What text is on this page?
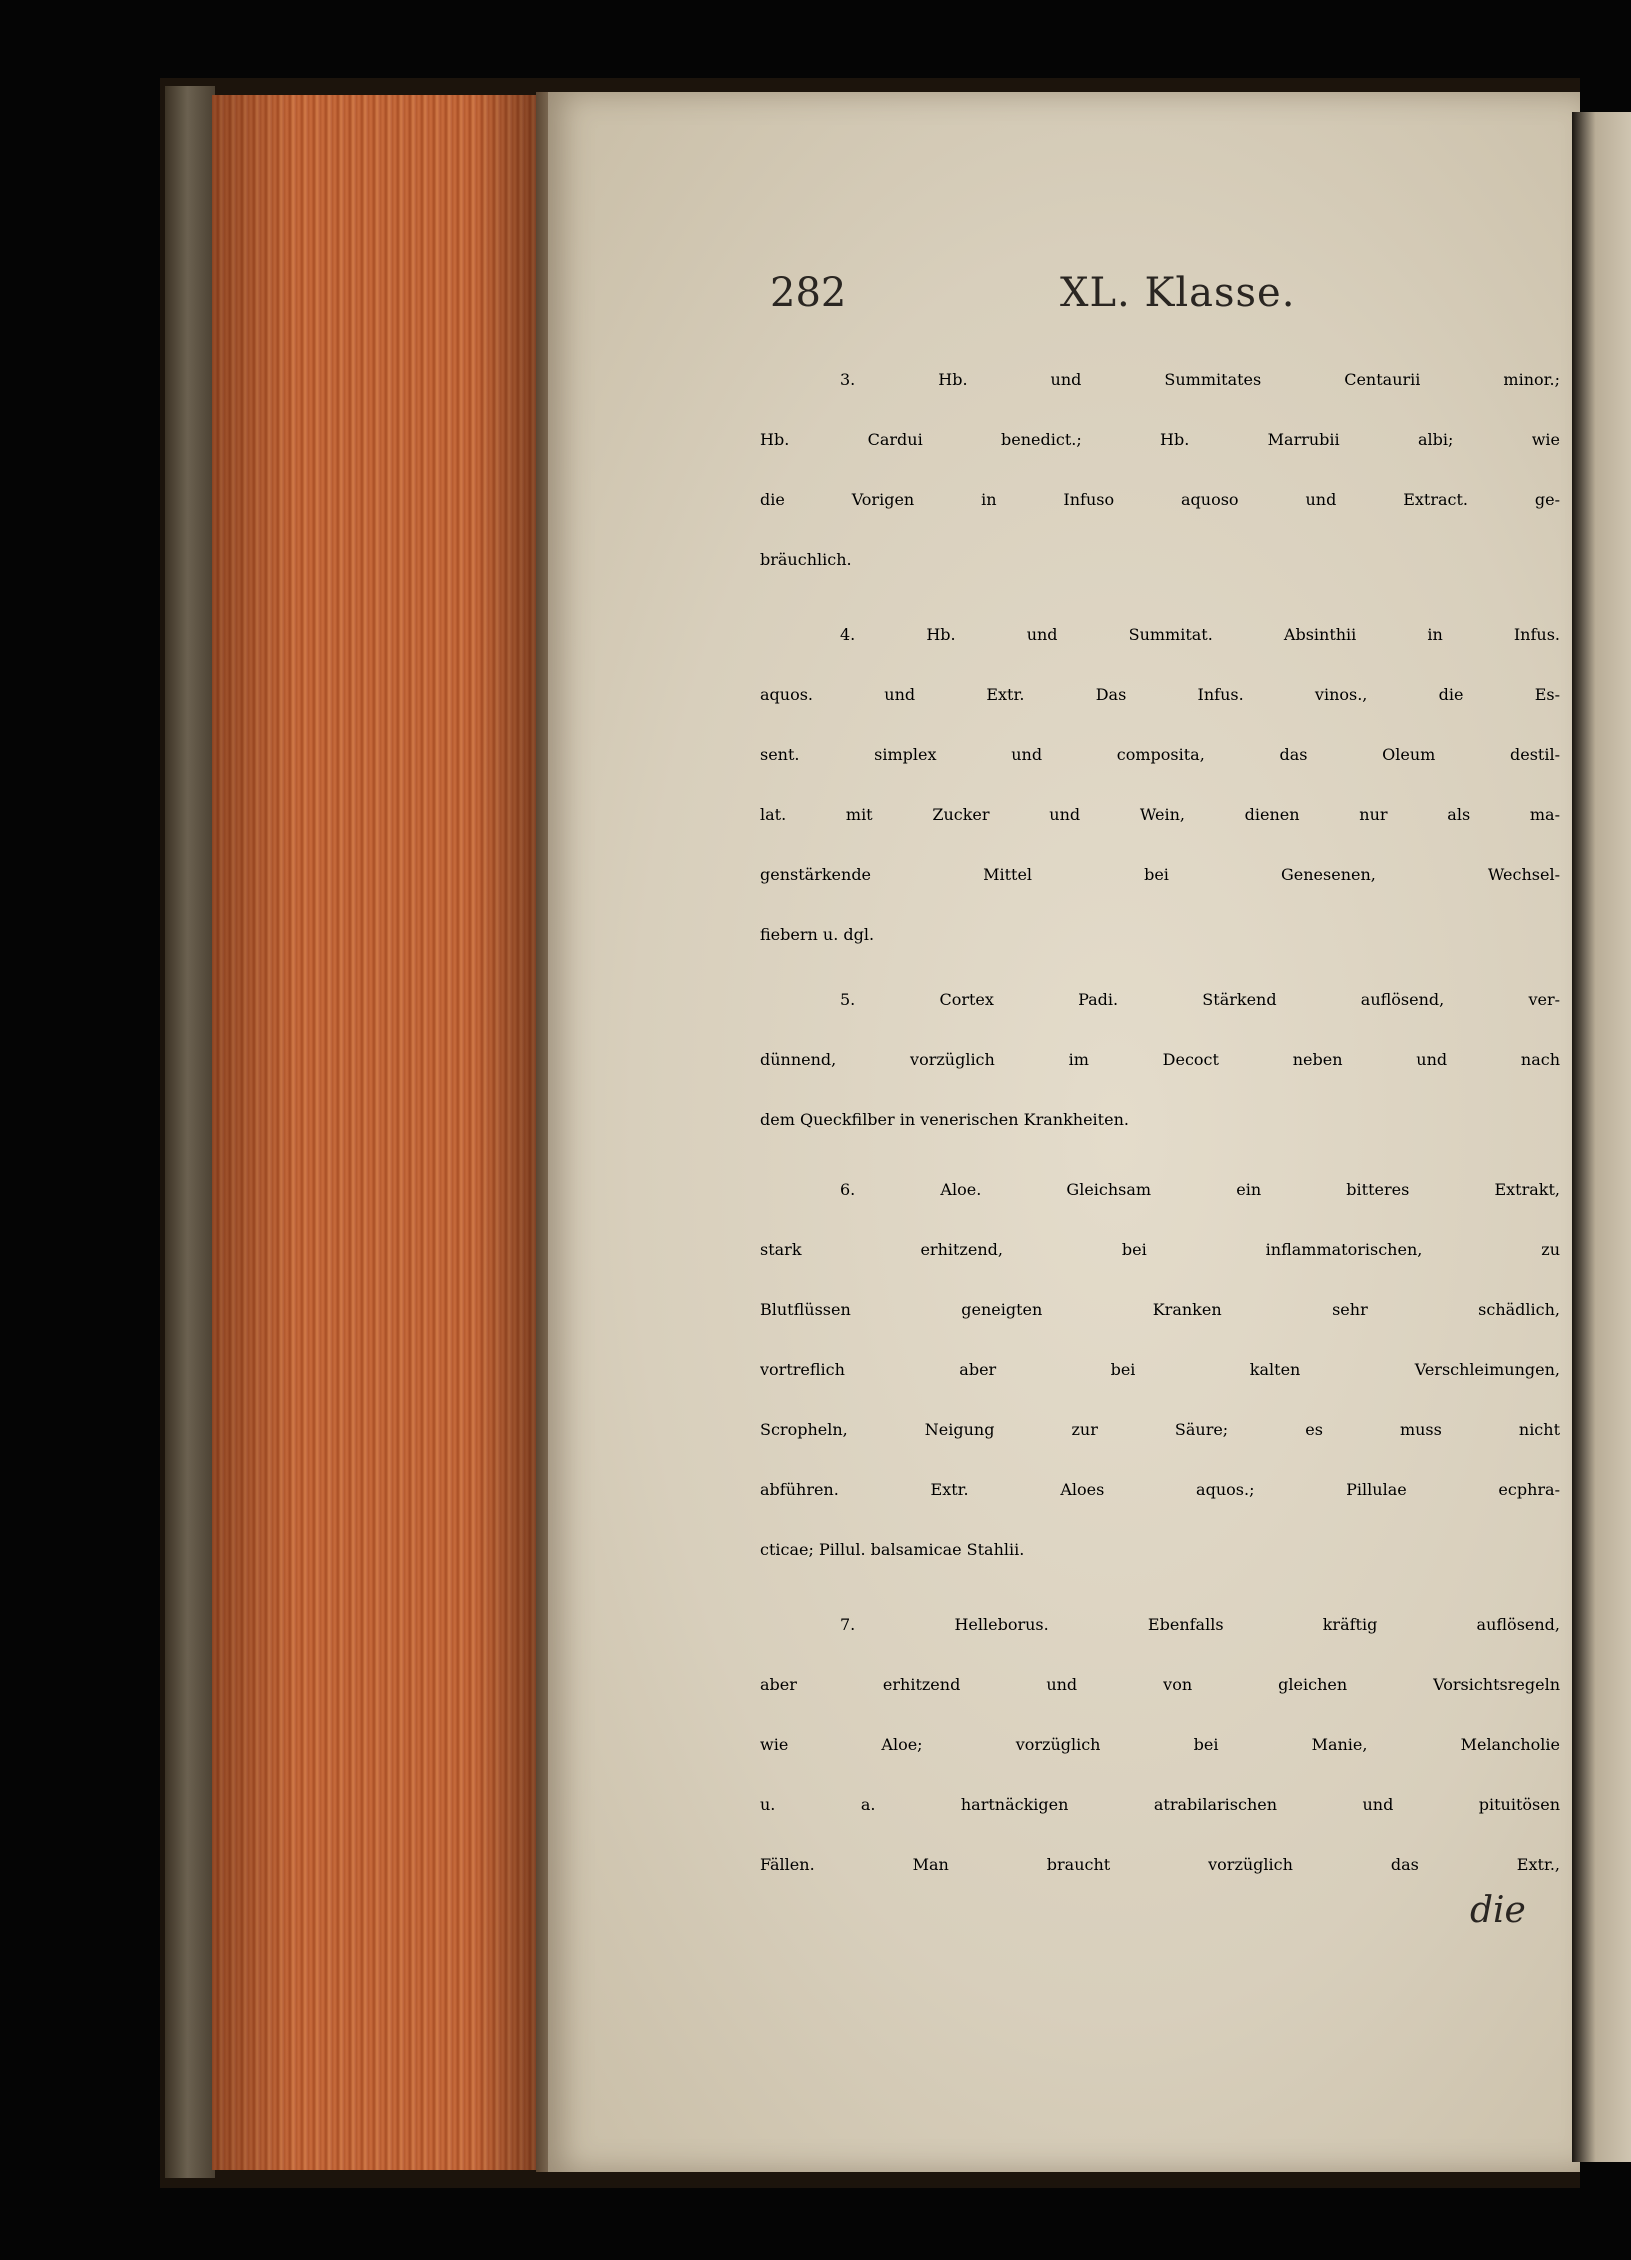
282	XL. Klasse.
3. Hb. und Summitates Centaurii minor.;
Hb. Cardui benedict.; Hb. Marrubii albi; wie
die Vorigen in Infuso aquoso und Extract. ge-
bräuchlich.
4. Hb. und Summitat. Absinthii in Infus.
aquos. und Extr. Das Infus. vinos., die Es-
sent. simplex und composita, das Oleum destil-
lat. mit Zucker und Wein, dienen nur als ma-
genstärkende Mittel bei Genesenen, Wechsel-
fiebern u. dgl.
5. Cortex Padi. Stärkend auflösend, ver-
dünnend, vorzüglich im Decoct neben und nach
dem Queckfilber in venerischen Krankheiten.
6. Aloe. Gleichsam ein bitteres Extrakt,
stark erhitzend, bei inflammatorischen, zu
Blutflüssen geneigten Kranken sehr schädlich,
vortreflich aber bei kalten Verschleimungen,
Scropheln, Neigung zur Säure; es muss nicht
abführen. Extr. Aloes aquos.; Pillulae ecphra-
cticae; Pillul. balsamicae Stahlii.
7. Helleborus. Ebenfalls kräftig auflösend,
aber erhitzend und von gleichen Vorsichtsregeln
wie Aloe; vorzüglich bei Manie, Melancholie
u. a. hartnäckigen atrabilarischen und pituitösen
Fällen. Man braucht vorzüglich das Extr.,
die
